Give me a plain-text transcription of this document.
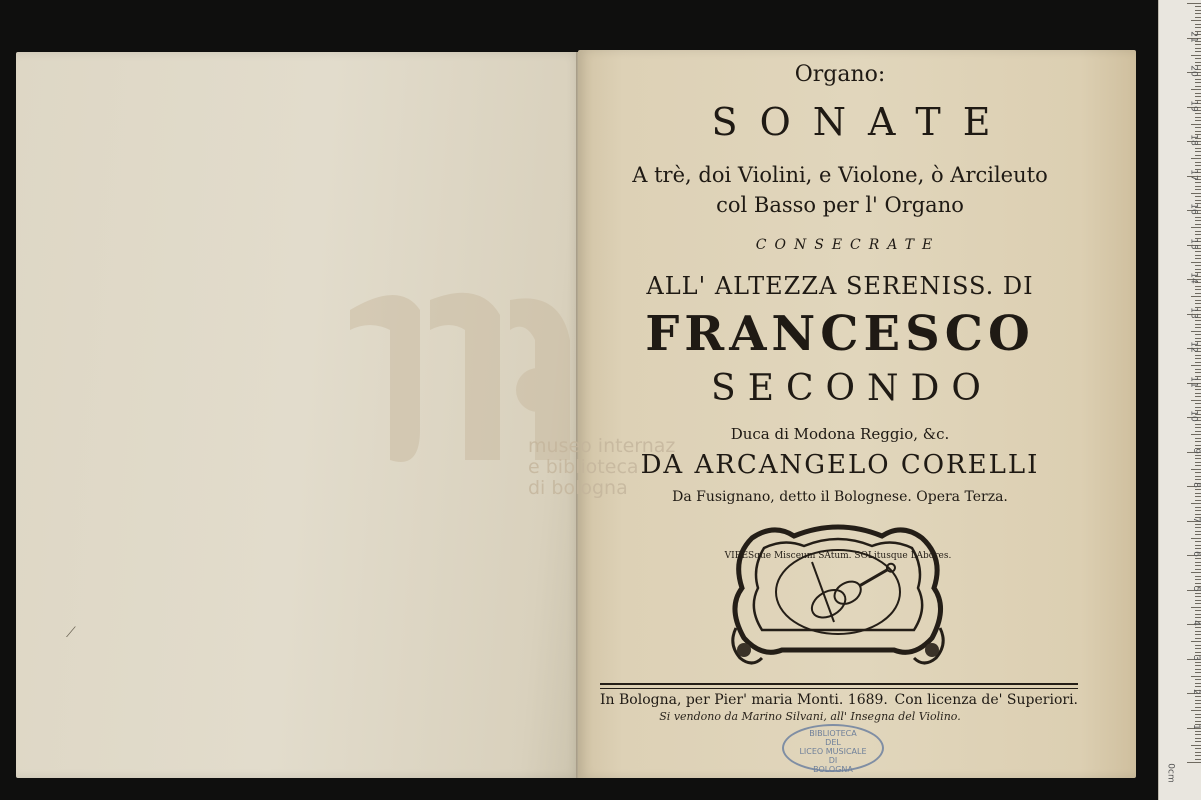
museo internaz
e biblioteca
di bologna
⟋
Organo:
SONATE
A trè, doi Violini, e Violone, ò Arcileuto
col Basso per l' Organo
CONSECRATE
ALL' ALTEZZA SERENISS. DI
FRANCESCO
SECONDO
Duca di Modona Reggio, &c.
DA ARCANGELO CORELLI
Da Fusignano, detto il Bolognese. Opera Terza.
VIRESque Misceum SAtum. SOLitusque LAbores.
In Bologna, per Pier' maria Monti. 1689. Con licenza de' Superiori.
Si vendono da Marino Silvani, all' Insegna del Violino.
BIBLIOTECA
DEL
LICEO MUSICALE
DI
BOLOGNA	0cm
1
2
3
4
5
6
7
8
9
10
11
12
13
14
15
16
17
18
19
20
21
